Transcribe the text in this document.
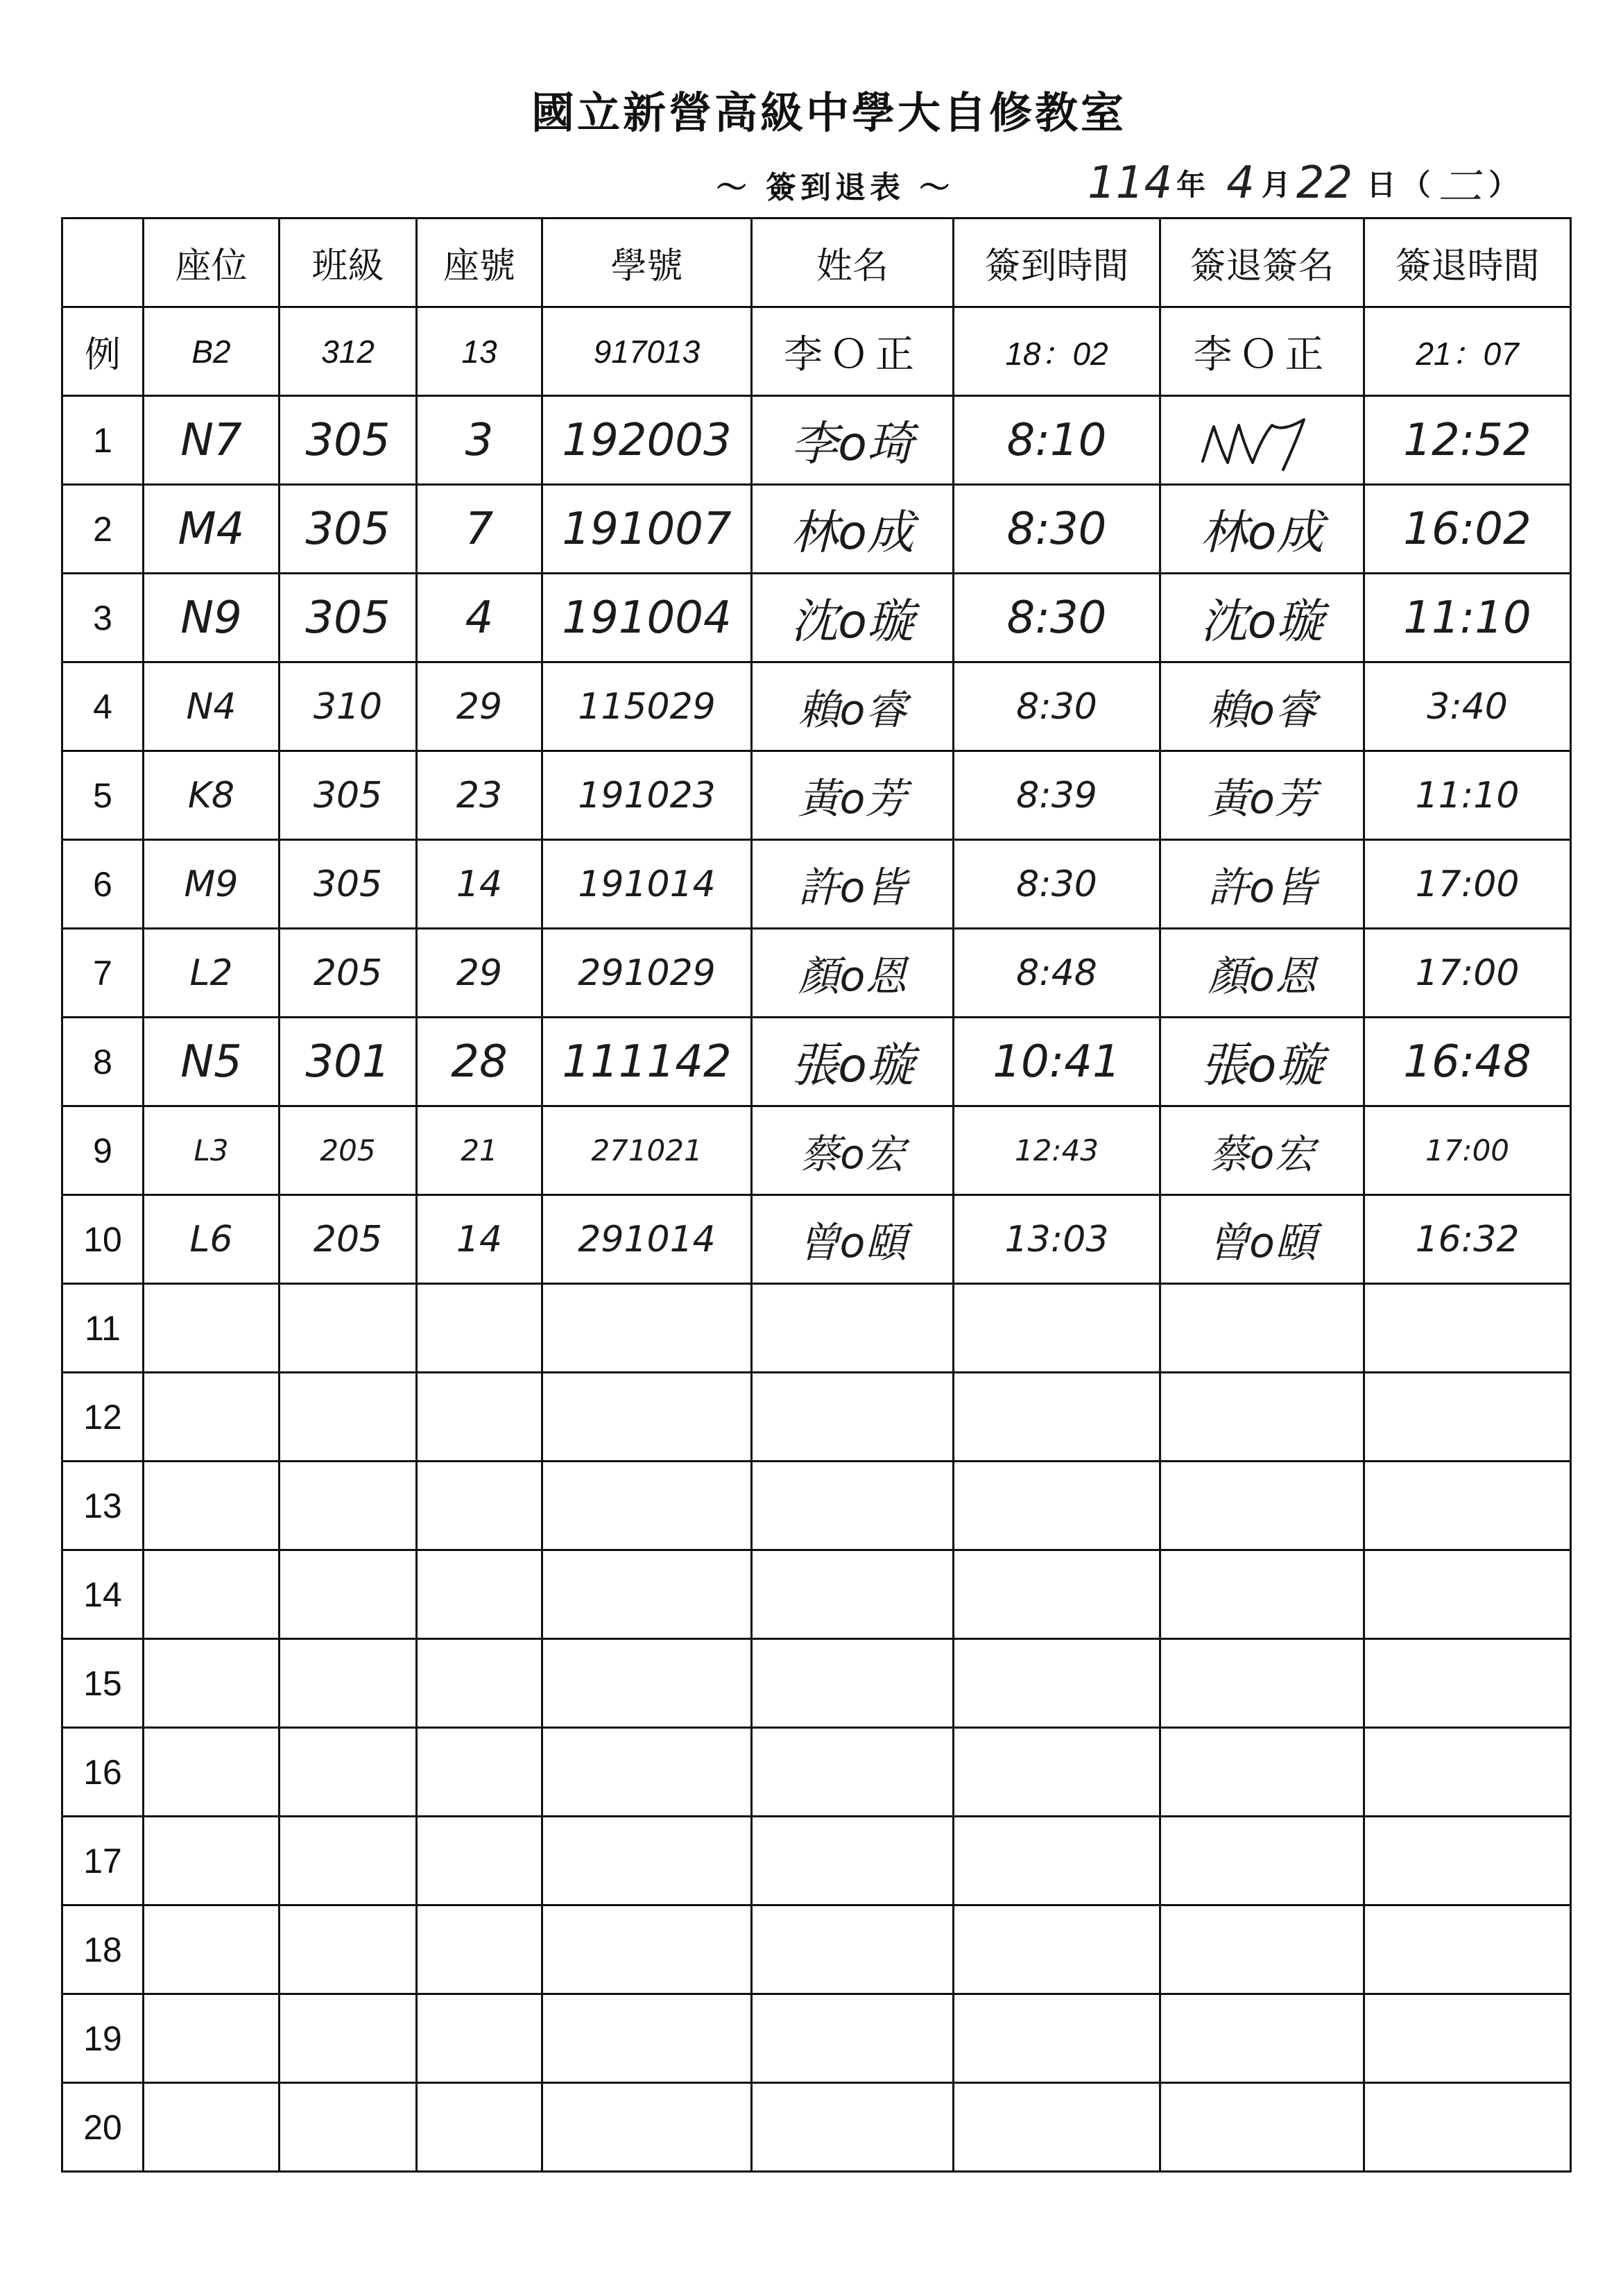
國立新營高級中學大自修教室
～ 簽到退表 ～	114 年 4 月 22 日 （ 二 ）
	座位	班級	座號	學號	姓名	簽到時間	簽退簽名	簽退時間
例	B2	312	13	917013	李Ｏ正	18：02	李Ｏ正	21：07
1	N7	305	3	192003	李o琦	8:10		12:52
2	M4	305	7	191007	林o成	8:30	林o成	16:02
3	N9	305	4	191004	沈o璇	8:30	沈o璇	11:10
4	N4	310	29	115029	賴o睿	8:30	賴o睿	3:40
5	K8	305	23	191023	黃o芳	8:39	黃o芳	11:10
6	M9	305	14	191014	許o皆	8:30	許o皆	17:00
7	L2	205	29	291029	顏o恩	8:48	顏o恩	17:00
8	N5	301	28	111142	張o璇	10:41	張o璇	16:48
9	L3	205	21	271021	蔡o宏	12:43	蔡o宏	17:00
10	L6	205	14	291014	曾o頤	13:03	曾o頤	16:32
11								
12								
13								
14								
15								
16								
17								
18								
19								
20								
